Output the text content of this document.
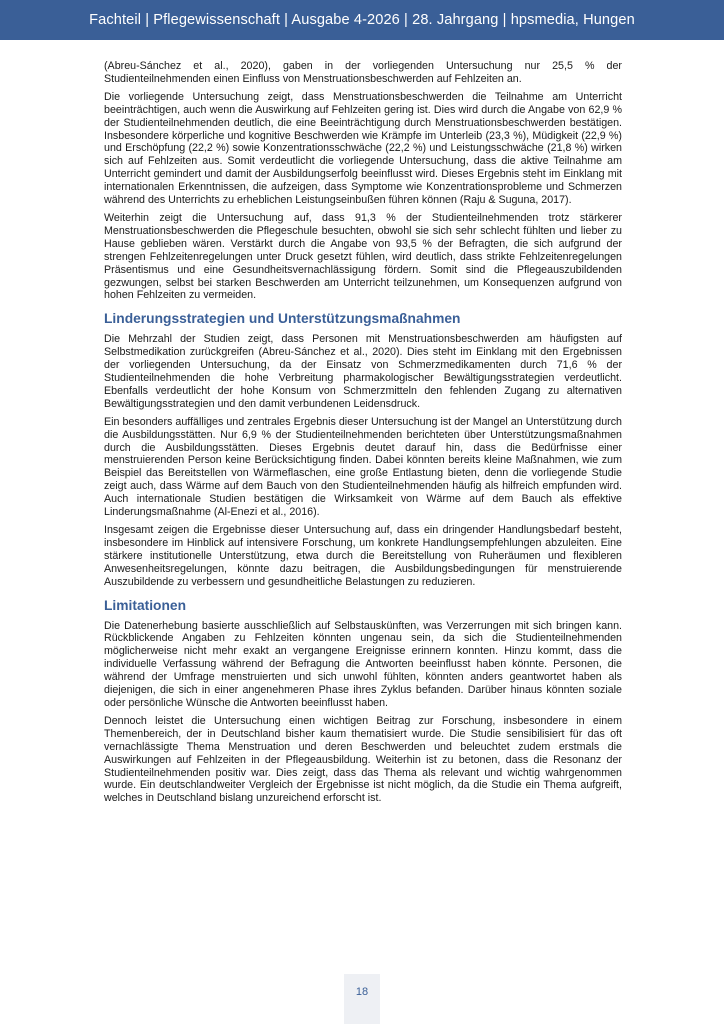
Fachteil | Pflegewissenschaft | Ausgabe 4-2026 | 28. Jahrgang | hpsmedia, Hungen

(Abreu-Sánchez et al., 2020), gaben in der vorliegenden Untersuchung nur 25,5 % der Studienteilnehmenden einen Einfluss von Menstruationsbeschwerden auf Fehlzeiten an.

Die vorliegende Untersuchung zeigt, dass Menstruationsbeschwerden die Teilnahme am Unterricht beeinträchtigen, auch wenn die Auswirkung auf Fehlzeiten gering ist. Dies wird durch die Angabe von 62,9 % der Studienteilnehmenden deutlich, die eine Beeinträchtigung durch Menstruationsbeschwerden bestätigen. Insbesondere körperliche und kognitive Beschwerden wie Krämpfe im Unterleib (23,3 %), Müdigkeit (22,9 %) und Erschöpfung (22,2 %) sowie Konzentrationsschwäche (22,2 %) und Leistungsschwäche (21,8 %) wirken sich auf Fehlzeiten aus. Somit verdeutlicht die vorliegende Untersuchung, dass die aktive Teilnahme am Unterricht gemindert und damit der Ausbildungserfolg beeinflusst wird. Dieses Ergebnis steht im Einklang mit internationalen Erkenntnissen, die aufzeigen, dass Symptome wie Konzentrationsprobleme und Schmerzen während des Unterrichts zu erheblichen Leistungseinbußen führen können (Raju & Suguna, 2017).

Weiterhin zeigt die Untersuchung auf, dass 91,3 % der Studienteilnehmenden trotz stärkerer Menstruationsbeschwerden die Pflegeschule besuchten, obwohl sie sich sehr schlecht fühlten und lieber zu Hause geblieben wären. Verstärkt durch die Angabe von 93,5 % der Befragten, die sich aufgrund der strengen Fehlzeitenregelungen unter Druck gesetzt fühlen, wird deutlich, dass strikte Fehlzeitenregelungen Präsentismus und eine Gesundheitsvernachlässigung fördern. Somit sind die Pflegeauszubildenden gezwungen, selbst bei starken Beschwerden am Unterricht teilzunehmen, um Konsequenzen aufgrund von hohen Fehlzeiten zu vermeiden.

Linderungsstrategien und Unterstützungsmaßnahmen

Die Mehrzahl der Studien zeigt, dass Personen mit Menstruationsbeschwerden am häufigsten auf Selbstmedikation zurückgreifen (Abreu-Sánchez et al., 2020). Dies steht im Einklang mit den Ergebnissen der vorliegenden Untersuchung, da der Einsatz von Schmerzmedikamenten durch 71,6 % der Studienteilnehmenden die hohe Verbreitung pharmakologischer Bewältigungsstrategien verdeutlicht. Ebenfalls verdeutlicht der hohe Konsum von Schmerzmitteln den fehlenden Zugang zu alternativen Bewältigungsstrategien und den damit verbundenen Leidensdruck.

Ein besonders auffälliges und zentrales Ergebnis dieser Untersuchung ist der Mangel an Unterstützung durch die Ausbildungsstätten. Nur 6,9 % der Studienteilnehmenden berichteten über Unterstützungsmaßnahmen durch die Ausbildungsstätten. Dieses Ergebnis deutet darauf hin, dass die Bedürfnisse einer menstruierenden Person keine Berücksichtigung finden. Dabei könnten bereits kleine Maßnahmen, wie zum Beispiel das Bereitstellen von Wärmeflaschen, eine große Entlastung bieten, denn die vorliegende Studie zeigt auch, dass Wärme auf dem Bauch von den Studienteilnehmenden häufig als hilfreich empfunden wird. Auch internationale Studien bestätigen die Wirksamkeit von Wärme auf dem Bauch als effektive Linderungsmaßnahme (Al-Enezi et al., 2016).

Insgesamt zeigen die Ergebnisse dieser Untersuchung auf, dass ein dringender Handlungsbedarf besteht, insbesondere im Hinblick auf intensivere Forschung, um konkrete Handlungsempfehlungen abzuleiten. Eine stärkere institutionelle Unterstützung, etwa durch die Bereitstellung von Ruheräumen und flexibleren Anwesenheitsregelungen, könnte dazu beitragen, die Ausbildungsbedingungen für menstruierende Auszubildende zu verbessern und gesundheitliche Belastungen zu reduzieren.

Limitationen

Die Datenerhebung basierte ausschließlich auf Selbstauskünften, was Verzerrungen mit sich bringen kann. Rückblickende Angaben zu Fehlzeiten könnten ungenau sein, da sich die Studienteilnehmenden möglicherweise nicht mehr exakt an vergangene Ereignisse erinnern konnten. Hinzu kommt, dass die individuelle Verfassung während der Befragung die Antworten beeinflusst haben könnte. Personen, die während der Umfrage menstruierten und sich unwohl fühlten, könnten anders geantwortet haben als diejenigen, die sich in einer angenehmeren Phase ihres Zyklus befanden. Darüber hinaus könnten soziale oder persönliche Wünsche die Antworten beeinflusst haben.

Dennoch leistet die Untersuchung einen wichtigen Beitrag zur Forschung, insbesondere in einem Themenbereich, der in Deutschland bisher kaum thematisiert wurde. Die Studie sensibilisiert für das oft vernachlässigte Thema Menstruation und deren Beschwerden und beleuchtet zudem erstmals die Auswirkungen auf Fehlzeiten in der Pflegeausbildung. Weiterhin ist zu betonen, dass die Resonanz der Studienteilnehmenden positiv war. Dies zeigt, dass das Thema als relevant und wichtig wahrgenommen wurde. Ein deutschlandweiter Vergleich der Ergebnisse ist nicht möglich, da die Studie ein Thema aufgreift, welches in Deutschland bislang unzureichend erforscht ist.

18
